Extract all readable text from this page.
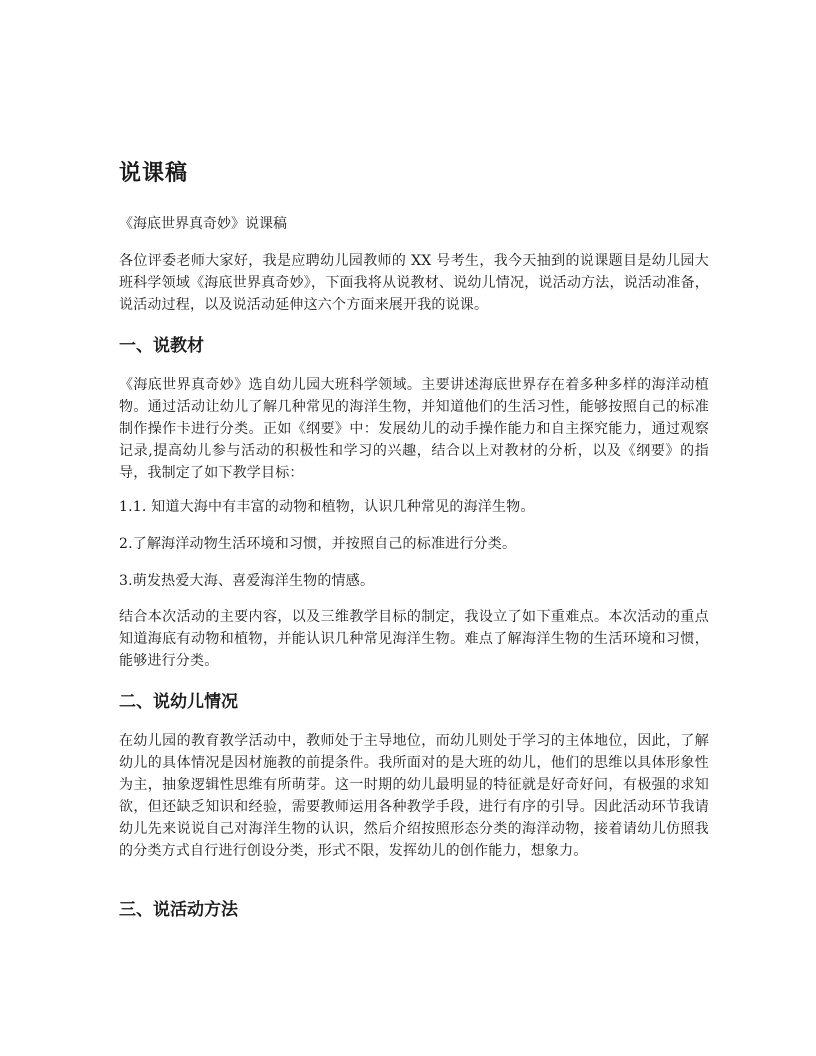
说课稿

《海底世界真奇妙》说课稿

各位评委老师大家好，我是应聘幼儿园教师的 XX 号考生，我今天抽到的说课题目是幼儿园大班科学领域《海底世界真奇妙》，下面我将从说教材、说幼儿情况，说活动方法，说活动准备，说活动过程，以及说活动延伸这六个方面来展开我的说课。

一、说教材

《海底世界真奇妙》选自幼儿园大班科学领域。主要讲述海底世界存在着多种多样的海洋动植物。通过活动让幼儿了解几种常见的海洋生物，并知道他们的生活习性，能够按照自己的标准制作操作卡进行分类。正如《纲要》中：发展幼儿的动手操作能力和自主探究能力，通过观察记录,提高幼儿参与活动的积极性和学习的兴趣，结合以上对教材的分析，以及《纲要》的指导，我制定了如下教学目标：

1.1. 知道大海中有丰富的动物和植物，认识几种常见的海洋生物。

2.了解海洋动物生活环境和习惯，并按照自己的标准进行分类。

3.萌发热爱大海、喜爱海洋生物的情感。

结合本次活动的主要内容，以及三维教学目标的制定，我设立了如下重难点。本次活动的重点知道海底有动物和植物，并能认识几种常见海洋生物。难点了解海洋生物的生活环境和习惯，能够进行分类。

二、说幼儿情况

在幼儿园的教育教学活动中，教师处于主导地位，而幼儿则处于学习的主体地位，因此，了解幼儿的具体情况是因材施教的前提条件。我所面对的是大班的幼儿，他们的思维以具体形象性为主，抽象逻辑性思维有所萌芽。这一时期的幼儿最明显的特征就是好奇好问，有极强的求知欲，但还缺乏知识和经验，需要教师运用各种教学手段，进行有序的引导。因此活动环节我请幼儿先来说说自己对海洋生物的认识，然后介绍按照形态分类的海洋动物，接着请幼儿仿照我的分类方式自行进行创设分类，形式不限，发挥幼儿的创作能力，想象力。

三、说活动方法
